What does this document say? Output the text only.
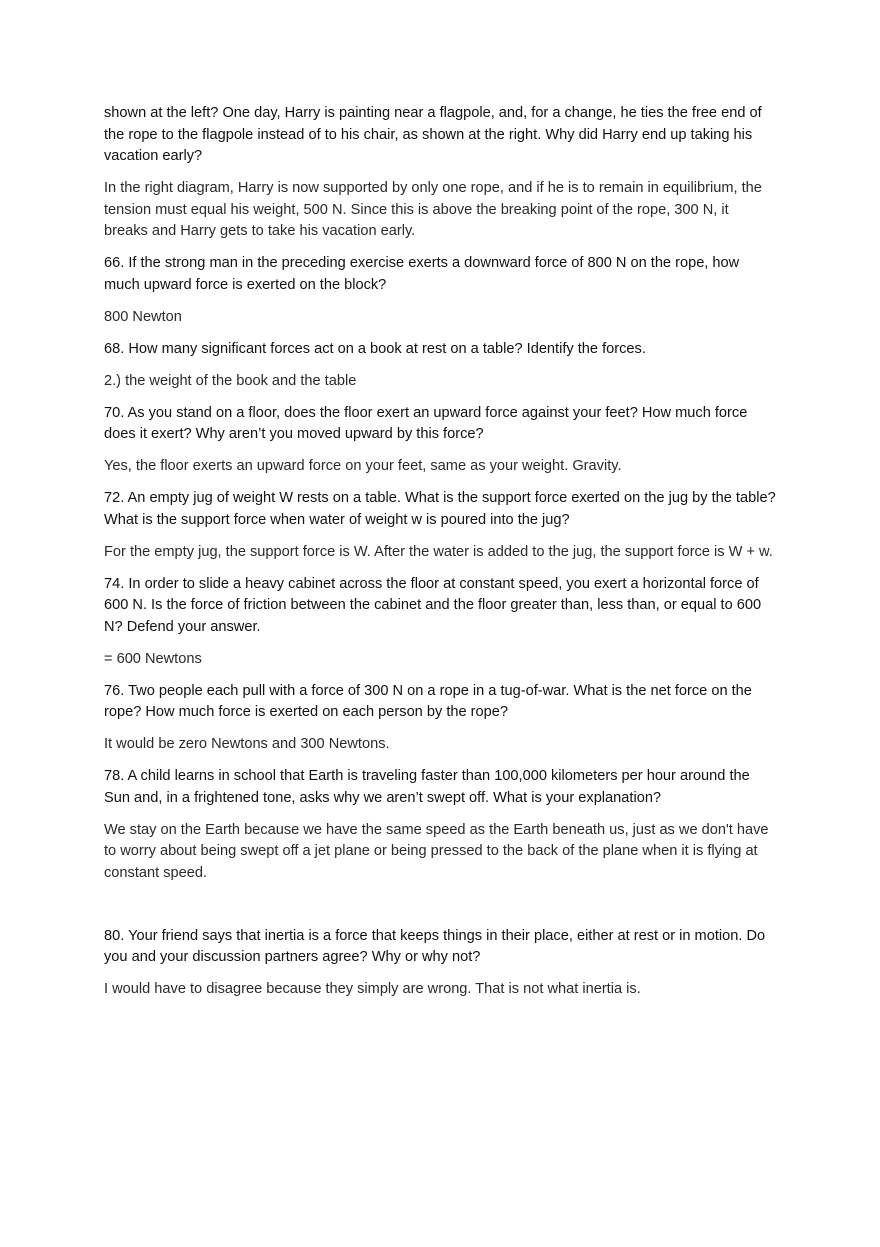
shown at the left? One day, Harry is painting near a flagpole, and, for a change, he ties the free end of the rope to the flagpole instead of to his chair, as shown at the right. Why did Harry end up taking his vacation early?

In the right diagram, Harry is now supported by only one rope, and if he is to remain in equilibrium, the tension must equal his weight, 500 N. Since this is above the breaking point of the rope, 300 N, it breaks and Harry gets to take his vacation early.

66. If the strong man in the preceding exercise exerts a downward force of 800 N on the rope, how much upward force is exerted on the block?

800 Newton

68. How many significant forces act on a book at rest on a table? Identify the forces.

2.) the weight of the book and the table

70. As you stand on a floor, does the floor exert an upward force against your feet? How much force does it exert? Why aren’t you moved upward by this force?

Yes, the floor exerts an upward force on your feet, same as your weight. Gravity.

72. An empty jug of weight W rests on a table. What is the support force exerted on the jug by the table? What is the support force when water of weight w is poured into the jug?

For the empty jug, the support force is W. After the water is added to the jug, the support force is W + w.

74. In order to slide a heavy cabinet across the floor at constant speed, you exert a horizontal force of 600 N. Is the force of friction between the cabinet and the floor greater than, less than, or equal to 600 N? Defend your answer.

= 600 Newtons

76. Two people each pull with a force of 300 N on a rope in a tug-of-war. What is the net force on the rope? How much force is exerted on each person by the rope?

It would be zero Newtons and 300 Newtons.

78. A child learns in school that Earth is traveling faster than 100,000 kilometers per hour around the Sun and, in a frightened tone, asks why we aren’t swept off. What is your explanation?

We stay on the Earth because we have the same speed as the Earth beneath us, just as we don't have to worry about being swept off a jet plane or being pressed to the back of the plane when it is flying at constant speed.

80. Your friend says that inertia is a force that keeps things in their place, either at rest or in motion. Do you and your discussion partners agree? Why or why not?

I would have to disagree because they simply are wrong. That is not what inertia is.
